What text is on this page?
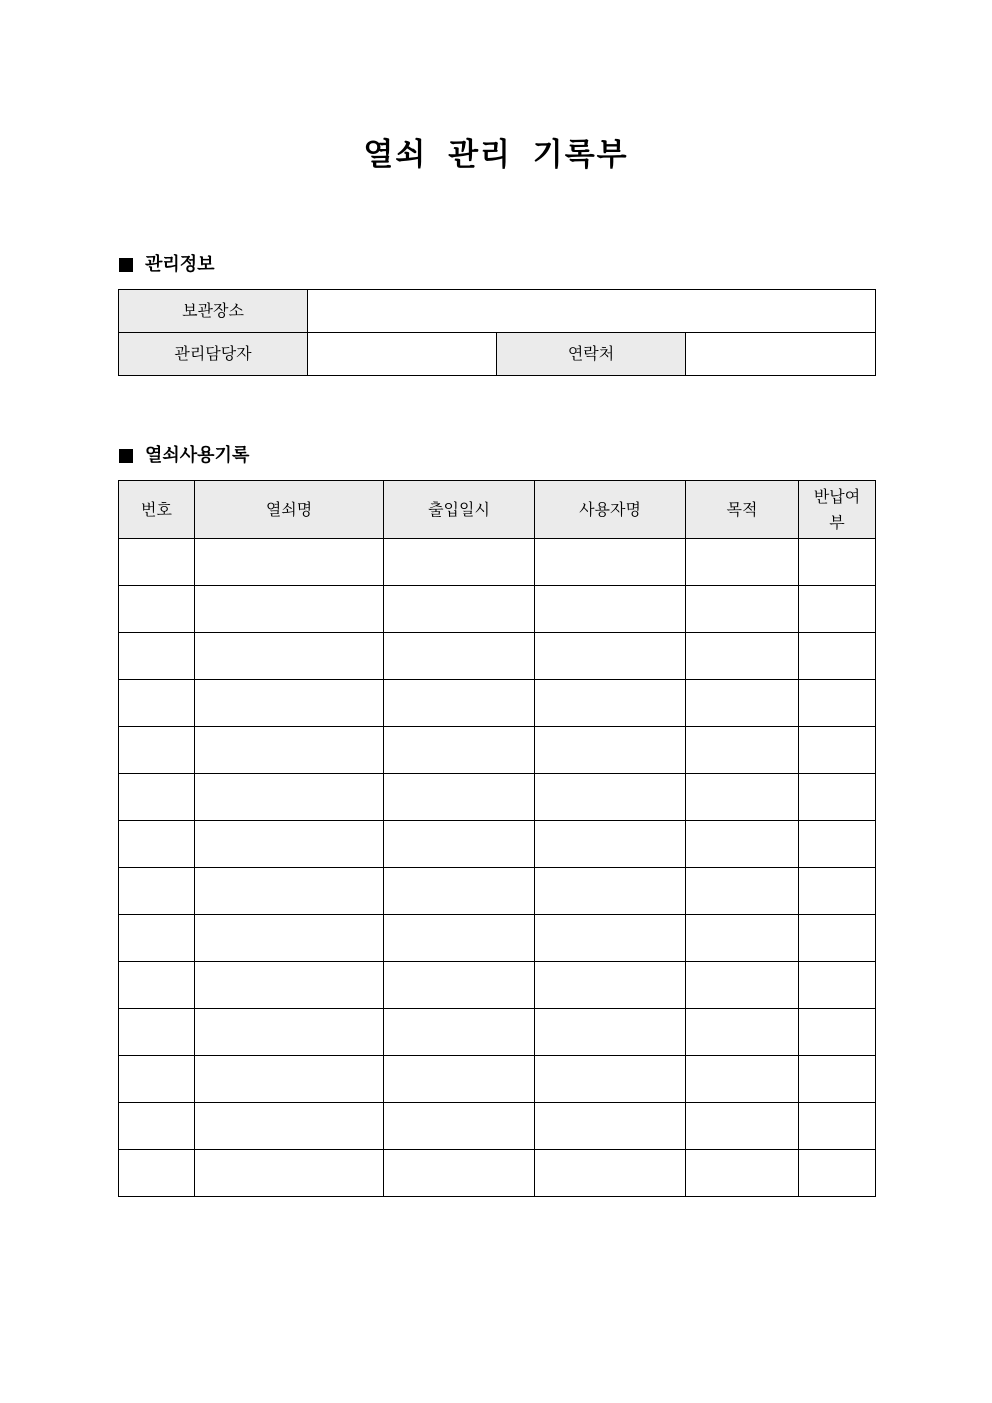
열쇠 관리 기록부
관리정보
보관장소			
관리담당자		연락처	
열쇠사용기록
번호	열쇠명	출입일시	사용자명	목적	반납여부
